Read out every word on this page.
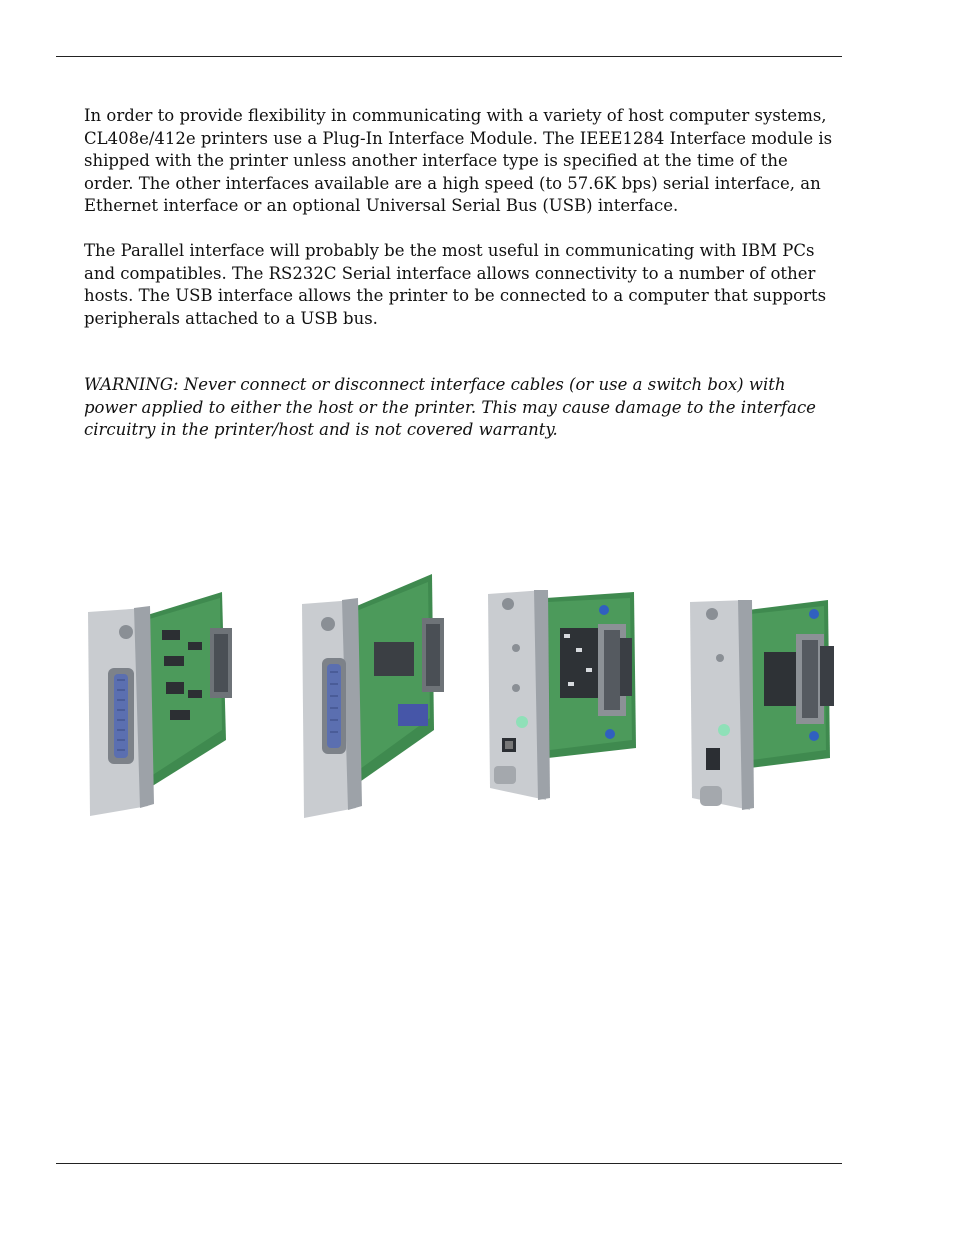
In order to provide flexibility in communicating with a variety of host computer systems, CL408e/412e printers use a Plug-In Interface Module. The IEEE1284 Interface module is shipped with the printer unless another interface type is specified at the time of the order. The other interfaces available are a high speed (to 57.6K bps) serial interface, an Ethernet interface or an optional Universal Serial Bus (USB) interface.

The Parallel interface will probably be the most useful in communicating with IBM PCs and compatibles. The RS232C Serial interface allows connectivity to a number of other hosts. The USB interface allows the printer to be connected to a computer that supports peripherals attached to a USB bus.

WARNING: Never connect or disconnect interface cables (or use a switch box) with power applied to either the host or the printer. This may cause damage to the interface circuitry in the printer/host and is not covered warranty.
